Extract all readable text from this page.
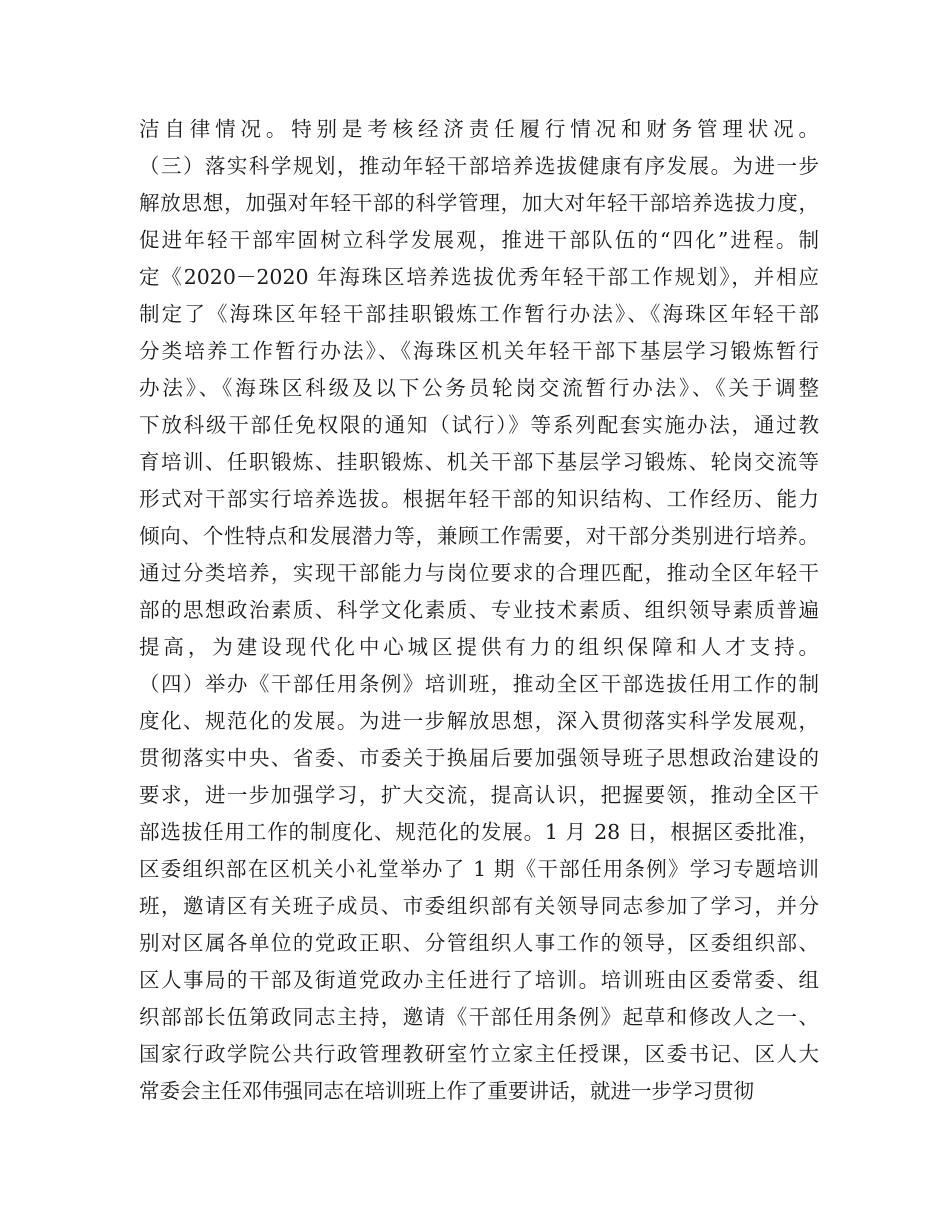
洁自律情况。特别是考核经济责任履行情况和财务管理状况。
（三）落实科学规划，推动年轻干部培养选拔健康有序发展。为进一步
解放思想，加强对年轻干部的科学管理，加大对年轻干部培养选拔力度，
促进年轻干部牢固树立科学发展观，推进干部队伍的“四化”进程。制
定《2020－2020 年海珠区培养选拔优秀年轻干部工作规划》，并相应
制定了《海珠区年轻干部挂职锻炼工作暂行办法》、《海珠区年轻干部
分类培养工作暂行办法》、《海珠区机关年轻干部下基层学习锻炼暂行
办法》、《海珠区科级及以下公务员轮岗交流暂行办法》、《关于调整
下放科级干部任免权限的通知（试行）》等系列配套实施办法，通过教
育培训、任职锻炼、挂职锻炼、机关干部下基层学习锻炼、轮岗交流等
形式对干部实行培养选拔。根据年轻干部的知识结构、工作经历、能力
倾向、个性特点和发展潜力等，兼顾工作需要，对干部分类别进行培养。
通过分类培养，实现干部能力与岗位要求的合理匹配，推动全区年轻干
部的思想政治素质、科学文化素质、专业技术素质、组织领导素质普遍
提高，为建设现代化中心城区提供有力的组织保障和人才支持。
（四）举办《干部任用条例》培训班，推动全区干部选拔任用工作的制
度化、规范化的发展。为进一步解放思想，深入贯彻落实科学发展观，
贯彻落实中央、省委、市委关于换届后要加强领导班子思想政治建设的
要求，进一步加强学习，扩大交流，提高认识，把握要领，推动全区干
部选拔任用工作的制度化、规范化的发展。1 月 28 日，根据区委批准，
区委组织部在区机关小礼堂举办了 1 期《干部任用条例》学习专题培训
班，邀请区有关班子成员、市委组织部有关领导同志参加了学习，并分
别对区属各单位的党政正职、分管组织人事工作的领导，区委组织部、
区人事局的干部及街道党政办主任进行了培训。培训班由区委常委、组
织部部长伍第政同志主持，邀请《干部任用条例》起草和修改人之一、
国家行政学院公共行政管理教研室竹立家主任授课，区委书记、区人大
常委会主任邓伟强同志在培训班上作了重要讲话，就进一步学习贯彻
